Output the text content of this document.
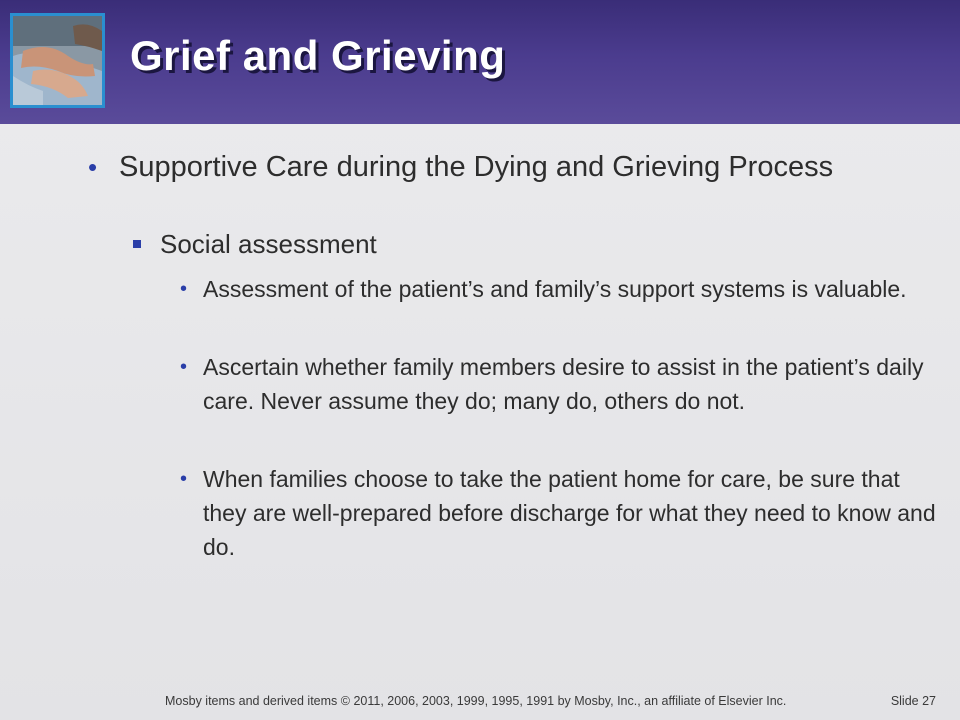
Grief and Grieving
• Supportive Care during the Dying and Grieving Process
Social assessment
• Assessment of the patient’s and family’s support systems is valuable.
• Ascertain whether family members desire to assist in the patient’s daily care. Never assume they do; many do, others do not.
• When families choose to take the patient home for care, be sure that they are well-prepared before discharge for what they need to know and do.
Mosby items and derived items © 2011, 2006, 2003, 1999, 1995, 1991 by Mosby, Inc., an affiliate of Elsevier Inc.	Slide 27
